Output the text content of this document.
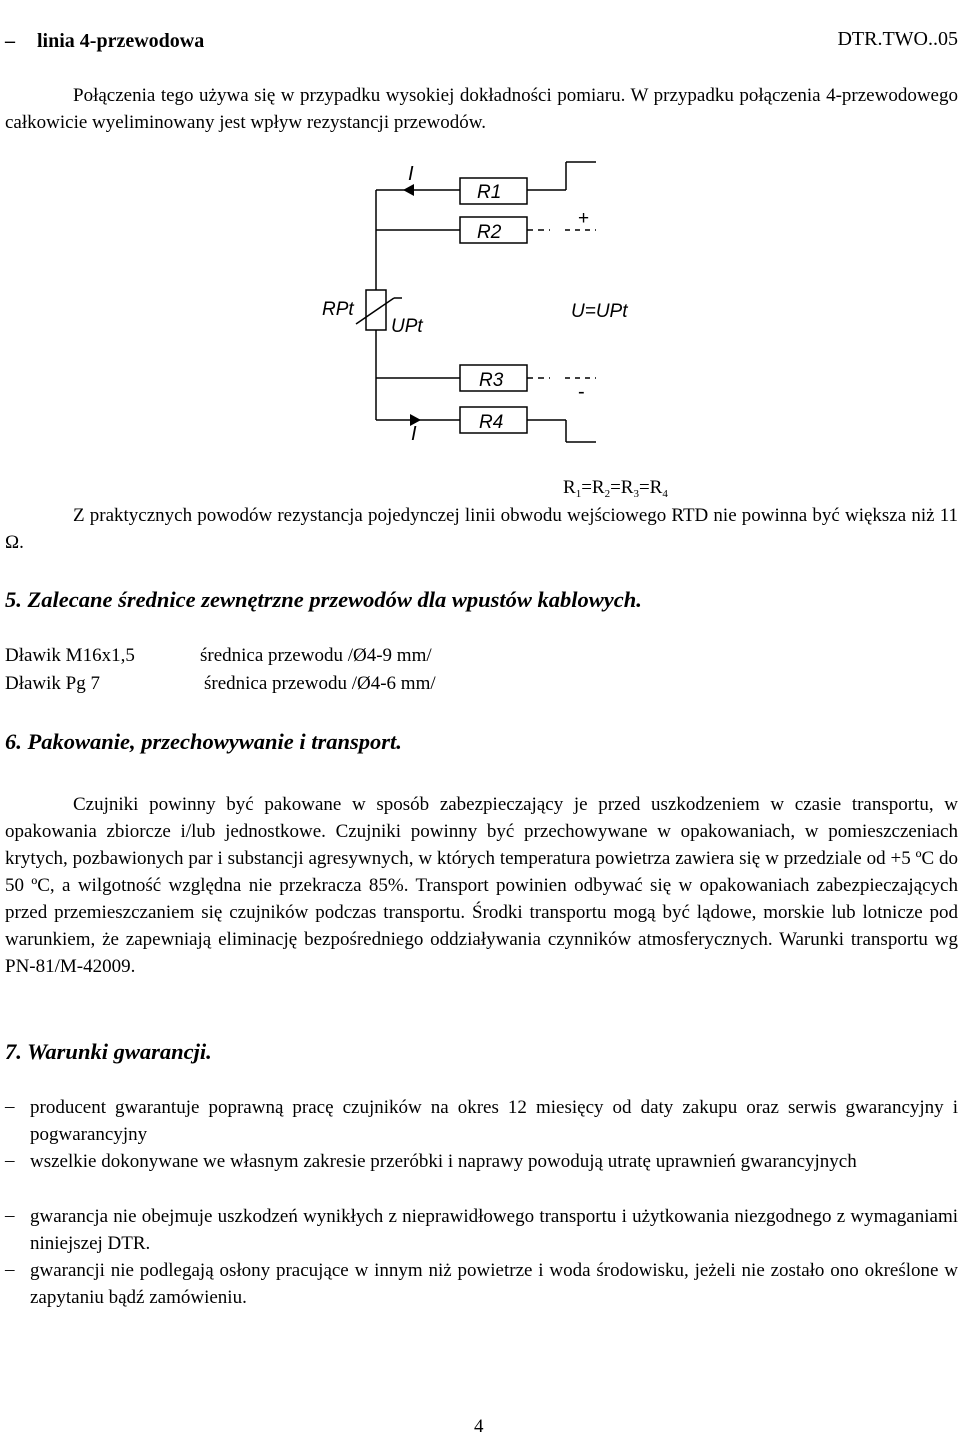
– linia 4-przewodowa	DTR.TWO..05
Połączenia tego używa się w przypadku wysokiej dokładności pomiaru. W przypadku połączenia 4-przewodowego całkowicie wyeliminowany jest wpływ rezystancji przewodów.
I
R1
R2
+
RPt
UPt
U=UPt
R3
-
R4
I
$R_1=R_2=R_3=R_4$
Z praktycznych powodów rezystancja pojedynczej linii obwodu wejściowego RTD nie powinna być większa niż 11 Ω.
5. Zalecane średnice zewnętrzne przewodów dla wpustów kablowych.
Dławik M16x1,5	średnica przewodu /Ø4-9 mm/
Dławik Pg 7	średnica przewodu /Ø4-6 mm/
6. Pakowanie, przechowywanie i transport.
Czujniki powinny być pakowane w sposób zabezpieczający je przed uszkodzeniem w czasie transportu, w opakowania zbiorcze i/lub jednostkowe. Czujniki powinny być przechowywane w opakowaniach, w pomieszczeniach krytych, pozbawionych par i substancji agresywnych, w których temperatura powietrza zawiera się w przedziale od +5 ºC do 50 ºC, a wilgotność względna nie przekracza 85%. Transport powinien odbywać się w opakowaniach zabezpieczających przed przemieszczaniem się czujników podczas transportu. Środki transportu mogą być lądowe, morskie lub lotnicze pod warunkiem, że zapewniają eliminację bezpośredniego oddziaływania czynników atmosferycznych. Warunki transportu wg PN-81/M-42009.
7. Warunki gwarancji.
– producent gwarantuje poprawną pracę czujników na okres 12 miesięcy od daty zakupu oraz serwis gwarancyjny i pogwarancyjny
– wszelkie dokonywane we własnym zakresie przeróbki i naprawy powodują utratę uprawnień gwarancyjnych
– gwarancja nie obejmuje uszkodzeń wynikłych z nieprawidłowego transportu i użytkowania niezgodnego z wymaganiami niniejszej DTR.
– gwarancji nie podlegają osłony pracujące w innym niż powietrze i woda środowisku, jeżeli nie zostało ono określone w zapytaniu bądź zamówieniu.
4
